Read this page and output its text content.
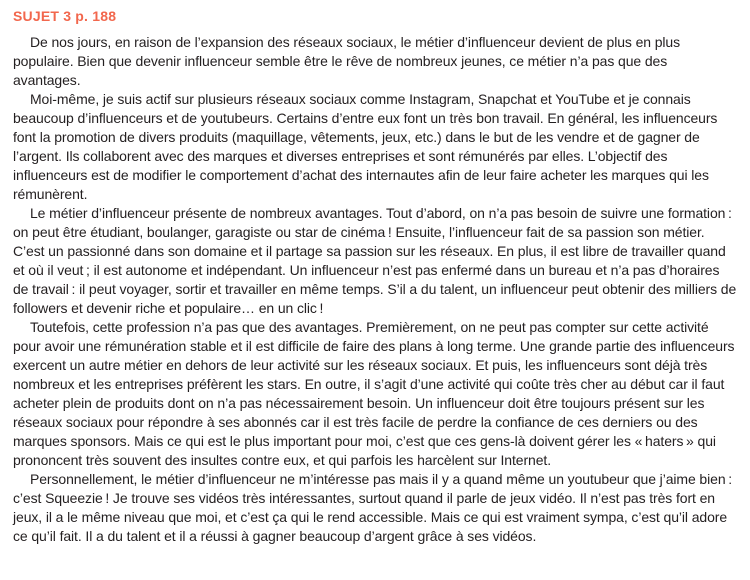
SUJET 3 p. 188

De nos jours, en raison de l’expansion des réseaux sociaux, le métier d’influenceur devient de plus en plus populaire. Bien que devenir influenceur semble être le rêve de nombreux jeunes, ce métier n’a pas que des avantages.

Moi-même, je suis actif sur plusieurs réseaux sociaux comme Instagram, Snapchat et YouTube et je connais beaucoup d’influenceurs et de youtubeurs. Certains d’entre eux font un très bon travail. En général, les influenceurs font la promotion de divers produits (maquillage, vêtements, jeux, etc.) dans le but de les vendre et de gagner de l’argent. Ils collaborent avec des marques et diverses entreprises et sont rémunérés par elles. L’objectif des influenceurs est de modifier le comportement d’achat des internautes afin de leur faire acheter les marques qui les rémunèrent.

Le métier d’influenceur présente de nombreux avantages. Tout d’abord, on n’a pas besoin de suivre une formation : on peut être étudiant, boulanger, garagiste ou star de cinéma ! Ensuite, l’influenceur fait de sa passion son métier. C’est un passionné dans son domaine et il partage sa passion sur les réseaux. En plus, il est libre de travailler quand et où il veut ; il est autonome et indépendant. Un influenceur n’est pas enfermé dans un bureau et n’a pas d’horaires de travail : il peut voyager, sortir et travailler en même temps. S’il a du talent, un influenceur peut obtenir des milliers de followers et devenir riche et populaire… en un clic !

Toutefois, cette profession n’a pas que des avantages. Premièrement, on ne peut pas compter sur cette activité pour avoir une rémunération stable et il est difficile de faire des plans à long terme. Une grande partie des influenceurs exercent un autre métier en dehors de leur activité sur les réseaux sociaux. Et puis, les influenceurs sont déjà très nombreux et les entreprises préfèrent les stars. En outre, il s’agit d’une activité qui coûte très cher au début car il faut acheter plein de produits dont on n’a pas nécessairement besoin. Un influenceur doit être toujours présent sur les réseaux sociaux pour répondre à ses abonnés car il est très facile de perdre la confiance de ces derniers ou des marques sponsors. Mais ce qui est le plus important pour moi, c’est que ces gens-là doivent gérer les « haters » qui prononcent très souvent des insultes contre eux, et qui parfois les harcèlent sur Internet.

Personnellement, le métier d’influenceur ne m’intéresse pas mais il y a quand même un youtubeur que j’aime bien : c’est Squeezie ! Je trouve ses vidéos très intéressantes, surtout quand il parle de jeux vidéo. Il n’est pas très fort en jeux, il a le même niveau que moi, et c’est ça qui le rend accessible. Mais ce qui est vraiment sympa, c’est qu’il adore ce qu’il fait. Il a du talent et il a réussi à gagner beaucoup d’argent grâce à ses vidéos.
